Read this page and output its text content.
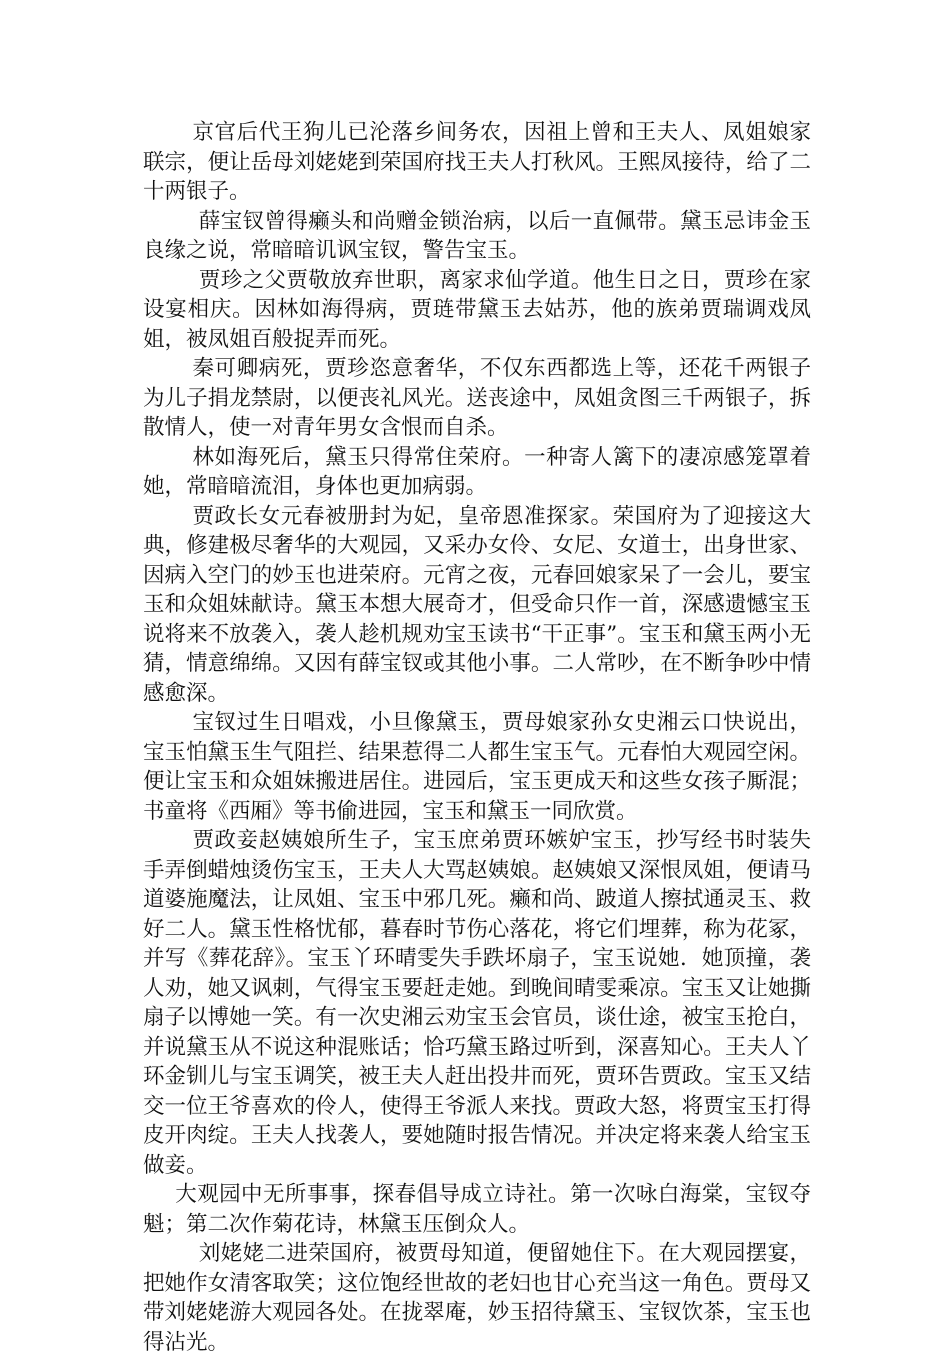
京官后代王狗儿已沦落乡间务农，因祖上曾和王夫人、凤姐娘家联宗，便让岳母刘姥姥到荣国府找王夫人打秋风。王熙凤接待，给了二十两银子。

薛宝钗曾得癞头和尚赠金锁治病，以后一直佩带。黛玉忌讳金玉良缘之说，常暗暗讥讽宝钗，警告宝玉。

贾珍之父贾敬放弃世职，离家求仙学道。他生日之日，贾珍在家设宴相庆。因林如海得病，贾琏带黛玉去姑苏，他的族弟贾瑞调戏凤姐，被凤姐百般捉弄而死。

秦可卿病死，贾珍恣意奢华，不仅东西都选上等，还花千两银子为儿子捐龙禁尉，以便丧礼风光。送丧途中，凤姐贪图三千两银子，拆散情人，使一对青年男女含恨而自杀。

林如海死后，黛玉只得常住荣府。一种寄人篱下的凄凉感笼罩着她，常暗暗流泪，身体也更加病弱。

贾政长女元春被册封为妃，皇帝恩准探家。荣国府为了迎接这大典，修建极尽奢华的大观园，又采办女伶、女尼、女道士，出身世家、因病入空门的妙玉也进荣府。元宵之夜，元春回娘家呆了一会儿，要宝玉和众姐妹献诗。黛玉本想大展奇才，但受命只作一首，深感遗憾宝玉说将来不放袭入，袭人趁机规劝宝玉读书“干正事”。宝玉和黛玉两小无猜，情意绵绵。又因有薛宝钗或其他小事。二人常吵，在不断争吵中情感愈深。

宝钗过生日唱戏，小旦像黛玉，贾母娘家孙女史湘云口快说出，宝玉怕黛玉生气阻拦、结果惹得二人都生宝玉气。元春怕大观园空闲。便让宝玉和众姐妹搬进居住。进园后，宝玉更成天和这些女孩子厮混；书童将《西厢》等书偷进园，宝玉和黛玉一同欣赏。

贾政妾赵姨娘所生子，宝玉庶弟贾环嫉妒宝玉，抄写经书时装失手弄倒蜡烛烫伤宝玉，王夫人大骂赵姨娘。赵姨娘又深恨凤姐，便请马道婆施魔法，让凤姐、宝玉中邪几死。癞和尚、跛道人擦拭通灵玉、救好二人。黛玉性格忧郁，暮春时节伤心落花，将它们埋葬，称为花冢，并写《葬花辞》。宝玉丫环晴雯失手跌坏扇子，宝玉说她．她顶撞，袭人劝，她又讽刺，气得宝玉要赶走她。到晚间晴雯乘凉。宝玉又让她撕扇子以博她一笑。有一次史湘云劝宝玉会官员，谈仕途，被宝玉抢白，并说黛玉从不说这种混账话；恰巧黛玉路过听到，深喜知心。王夫人丫环金钏儿与宝玉调笑，被王夫人赶出投井而死，贾环告贾政。宝玉又结交一位王爷喜欢的伶人，使得王爷派人来找。贾政大怒，将贾宝玉打得皮开肉绽。王夫人找袭人，要她随时报告情况。并决定将来袭人给宝玉做妾。

大观园中无所事事，探春倡导成立诗社。第一次咏白海棠，宝钗夺魁；第二次作菊花诗，林黛玉压倒众人。

刘姥姥二进荣国府，被贾母知道，便留她住下。在大观园摆宴，把她作女清客取笑；这位饱经世故的老妇也甘心充当这一角色。贾母又带刘姥姥游大观园各处。在拢翠庵，妙玉招待黛玉、宝钗饮茶，宝玉也得沾光。
